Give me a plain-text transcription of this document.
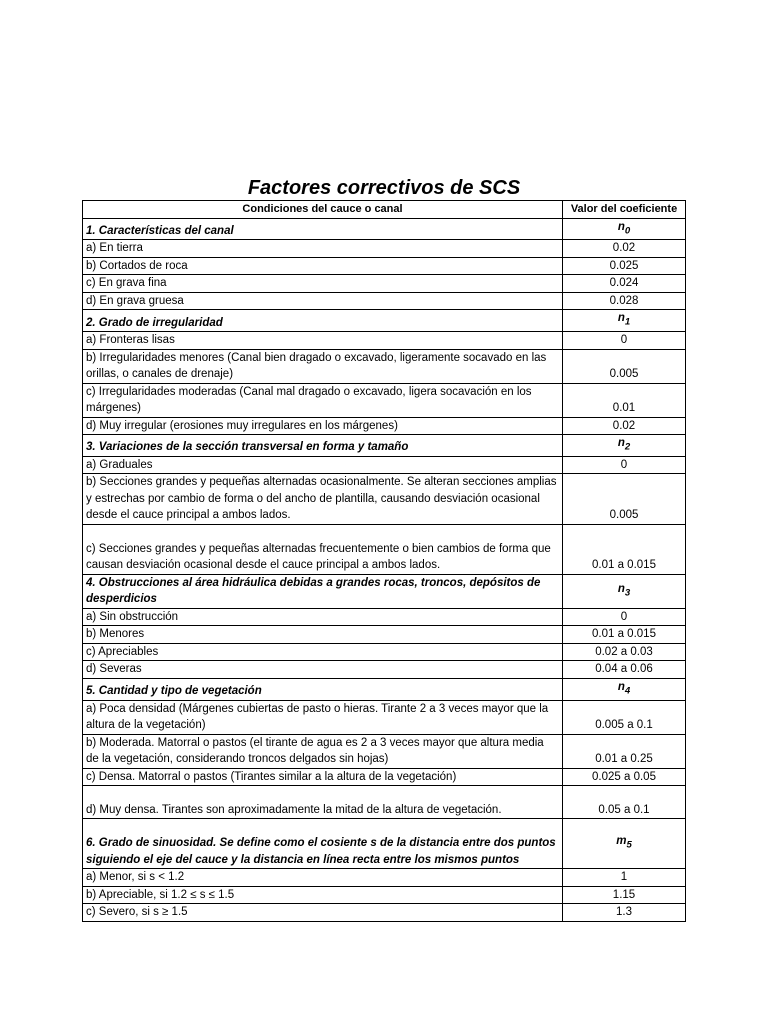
Factores correctivos de SCS
Condiciones del cauce o canal	Valor del coeficiente
1. Características del canal	$n_0$
a) En tierra	0.02
b) Cortados de roca	0.025
c) En grava fina	0.024
d) En grava gruesa	0.028
2. Grado de irregularidad	$n_1$
a) Fronteras lisas	0
b) Irregularidades menores (Canal bien dragado o excavado, ligeramente socavado en las orillas, o canales de drenaje)	0.005
c) Irregularidades moderadas (Canal mal dragado o excavado, ligera socavación en los márgenes)	0.01
d) Muy irregular (erosiones muy irregulares en los márgenes)	0.02
3. Variaciones de la sección transversal en forma y tamaño	$n_2$
a) Graduales	0
b) Secciones grandes y pequeñas alternadas ocasionalmente. Se alteran secciones amplias y estrechas por cambio de forma o del ancho de plantilla, causando desviación ocasional desde el cauce principal a ambos lados.	0.005
c) Secciones grandes y pequeñas alternadas frecuentemente o bien cambios de forma que causan desviación ocasional desde el cauce principal a ambos lados.	0.01 a 0.015
4. Obstrucciones al área hidráulica debidas a grandes rocas, troncos, depósitos de desperdicios	$n_3$
a) Sin obstrucción	0
b) Menores	0.01 a 0.015
c) Apreciables	0.02 a 0.03
d) Severas	0.04 a 0.06
5. Cantidad y tipo de vegetación	$n_4$
a) Poca densidad (Márgenes cubiertas de pasto o hieras. Tirante 2 a 3 veces mayor que la altura de la vegetación)	0.005 a 0.1
b) Moderada. Matorral o pastos (el tirante de agua es 2 a 3 veces mayor que altura media de la vegetación, considerando troncos delgados sin hojas)	0.01 a 0.25
c) Densa. Matorral o pastos (Tirantes similar a la altura de la vegetación)	0.025 a 0.05
d) Muy densa. Tirantes son aproximadamente la mitad de la altura de vegetación.	0.05 a 0.1
6. Grado de sinuosidad. Se define como el cosiente s de la distancia entre dos puntos siguiendo el eje del cauce y la distancia en línea recta entre los mismos puntos	$m_5$
a) Menor, si s < 1.2	1
b) Apreciable, si 1.2 ≤ s ≤ 1.5	1.15
c) Severo, si s ≥ 1.5	1.3
